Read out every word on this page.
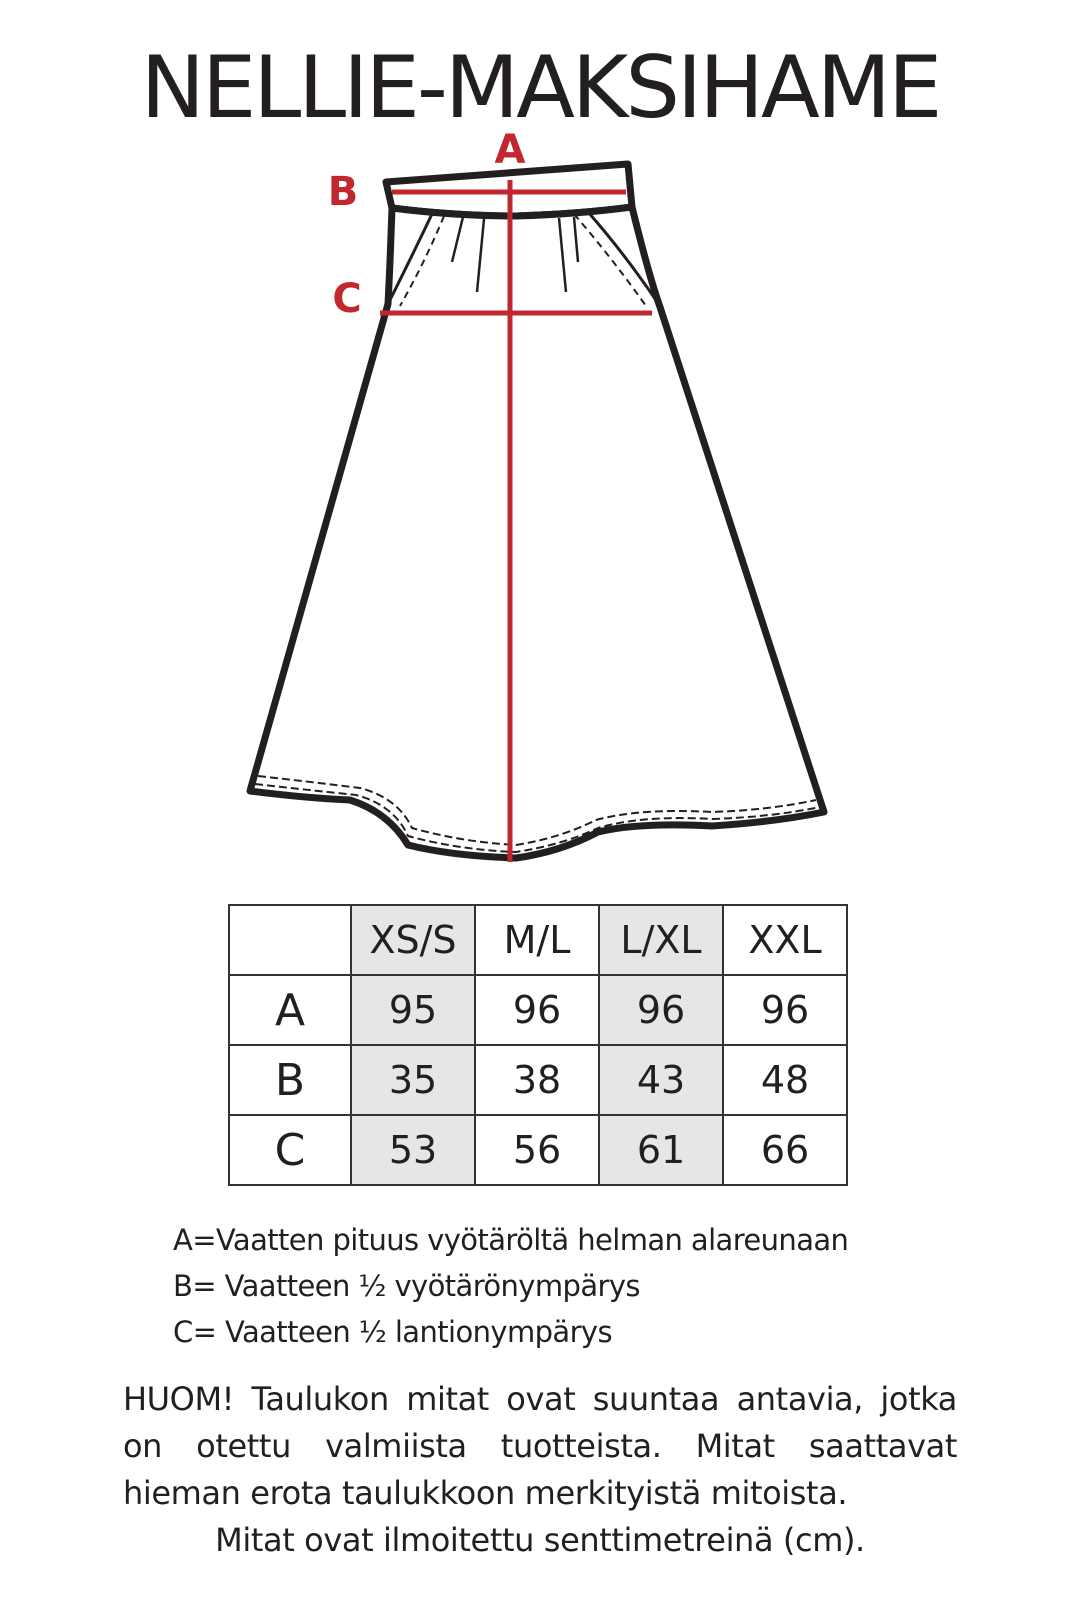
NELLIE-MAKSIHAME
A
B
C
	XS/S	M/L	L/XL	XXL
A	95	96	96	96
B	35	38	43	48
C	53	56	61	66
A=Vaatten pituus vyötäröltä helman alareunaan
B= Vaatteen ½ vyötärönympärys
C= Vaatteen ½ lantionympärys
HUOM! Taulukon mitat ovat suuntaa antavia, jotka on otettu valmiista tuotteista. Mitat saattavat hieman erota taulukkoon merkityistä mitoista.
Mitat ovat ilmoitettu senttimetreinä (cm).
